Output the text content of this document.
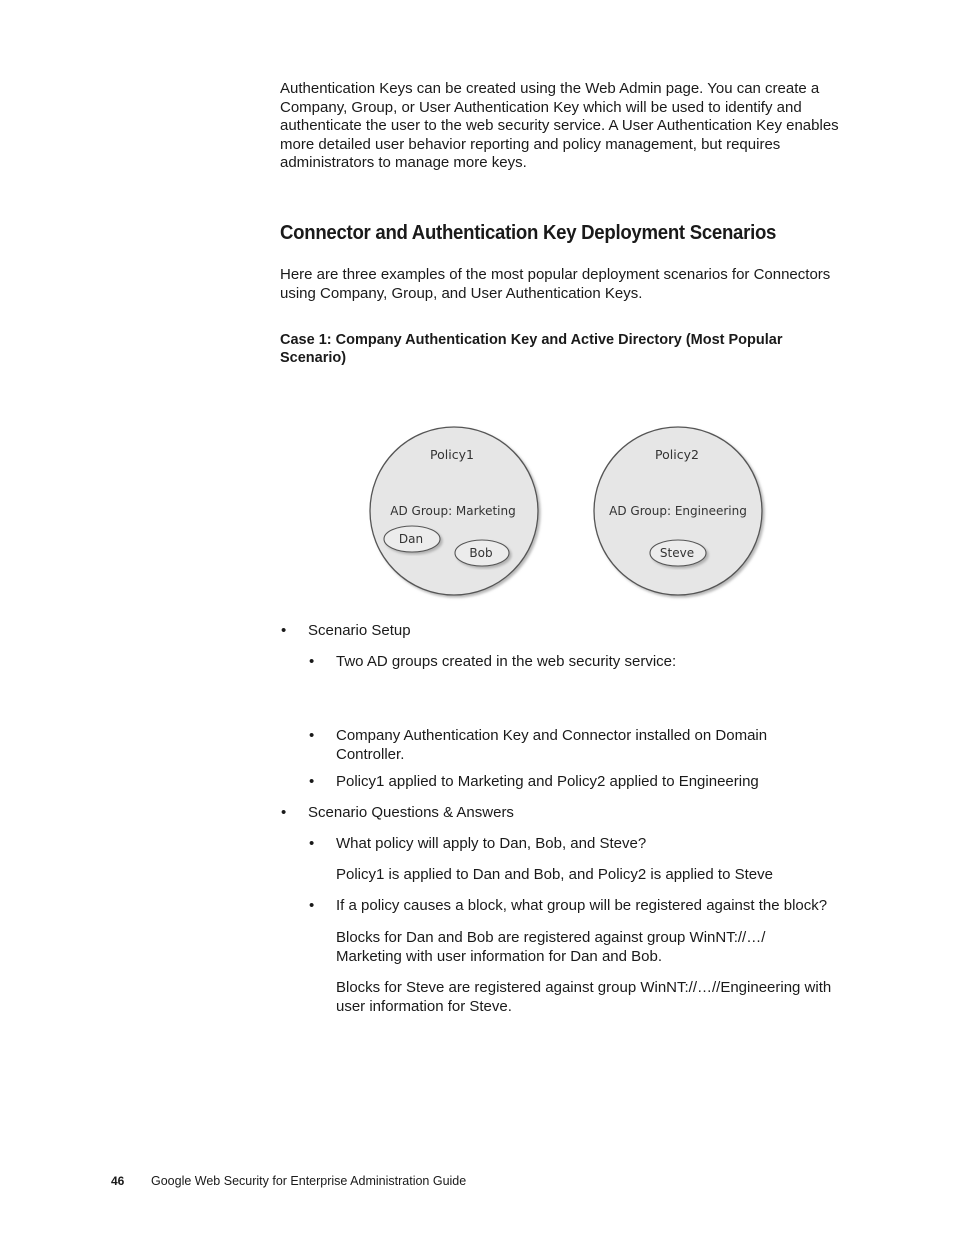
Authentication Keys can be created using the Web Admin page. You can create a Company, Group, or User Authentication Key which will be used to identify and authenticate the user to the web security service. A User Authentication Key enables more detailed user behavior reporting and policy management, but requires administrators to manage more keys.

Connector and Authentication Key Deployment Scenarios

Here are three examples of the most popular deployment scenarios for Connectors using Company, Group, and User Authentication Keys.

Case 1: Company Authentication Key and Active Directory (Most Popular Scenario)

Policy1
AD Group: Marketing
Dan
Bob
Policy2
AD Group: Engineering
Steve
• Scenario Setup

• Two AD groups created in the web security service:

• Company Authentication Key and Connector installed on Domain Controller.

• Policy1 applied to Marketing and Policy2 applied to Engineering

• Scenario Questions & Answers

• What policy will apply to Dan, Bob, and Steve?

Policy1 is applied to Dan and Bob, and Policy2 is applied to Steve

• If a policy causes a block, what group will be registered against the block?

Blocks for Dan and Bob are registered against group WinNT://…/ Marketing with user information for Dan and Bob.

Blocks for Steve are registered against group WinNT://…//Engineering with user information for Steve.

46 Google Web Security for Enterprise Administration Guide
